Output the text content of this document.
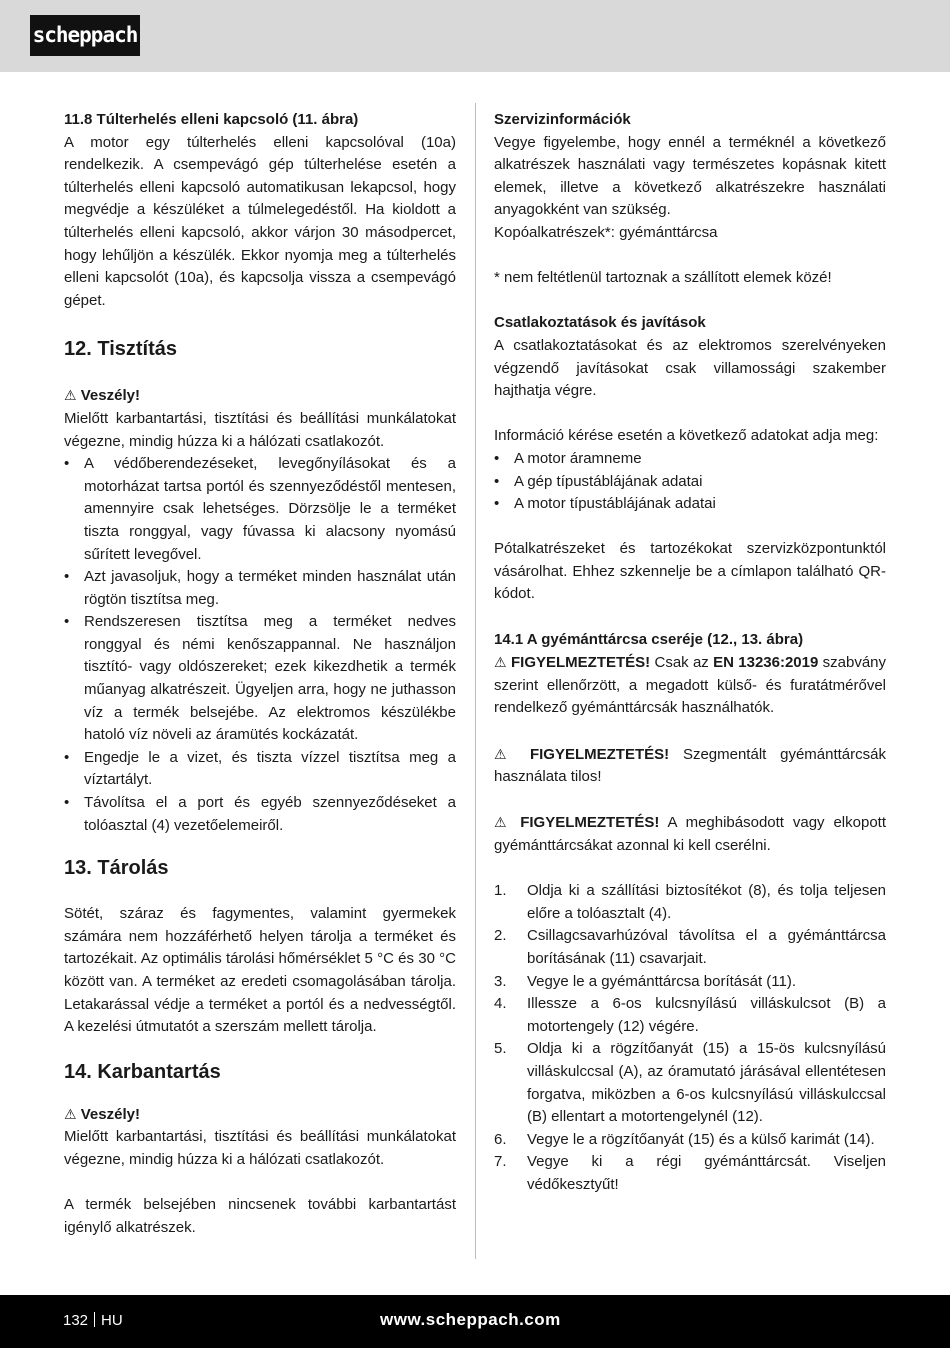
scheppach

11.8 Túlterhelés elleni kapcsoló (11. ábra)

A motor egy túlterhelés elleni kapcsolóval (10a) rendelkezik. A csempevágó gép túlterhelése esetén a túlterhelés elleni kapcsoló automatikusan lekapcsol, hogy megvédje a készüléket a túlmelegedéstől. Ha kioldott a túlterhelés elleni kapcsoló, akkor várjon 30 másodpercet, hogy lehűljön a készülék. Ekkor nyomja meg a túlterhelés elleni kapcsolót (10a), és kapcsolja vissza a csempevágó gépet.

12. Tisztítás

⚠ Veszély!

Mielőtt karbantartási, tisztítási és beállítási munkálatokat végezne, mindig húzza ki a hálózati csatlakozót.

• A védőberendezéseket, levegőnyílásokat és a motorházat tartsa portól és szennyeződéstől mentesen, amennyire csak lehetséges. Dörzsölje le a terméket tiszta ronggyal, vagy fúvassa ki alacsony nyomású sűrített levegővel.
• Azt javasoljuk, hogy a terméket minden használat után rögtön tisztítsa meg.
• Rendszeresen tisztítsa meg a terméket nedves ronggyal és némi kenőszappannal. Ne használjon tisztító- vagy oldószereket; ezek kikezdhetik a termék műanyag alkatrészeit. Ügyeljen arra, hogy ne juthasson víz a termék belsejébe. Az elektromos készülékbe hatoló víz növeli az áramütés kockázatát.
• Engedje le a vizet, és tiszta vízzel tisztítsa meg a víztartályt.
• Távolítsa el a port és egyéb szennyeződéseket a tolóasztal (4) vezetőelemeiről.
13. Tárolás

Sötét, száraz és fagymentes, valamint gyermekek számára nem hozzáférhető helyen tárolja a terméket és tartozékait. Az optimális tárolási hőmérséklet 5 °C és 30 °C között van. A terméket az eredeti csomagolásában tárolja. Letakarással védje a terméket a portól és a nedvességtől. A kezelési útmutatót a szerszám mellett tárolja.

14. Karbantartás

⚠ Veszély!

Mielőtt karbantartási, tisztítási és beállítási munkálatokat végezne, mindig húzza ki a hálózati csatlakozót.

A termék belsejében nincsenek további karbantartást igénylő alkatrészek.

Szervizinformációk

Vegye figyelembe, hogy ennél a terméknél a következő alkatrészek használati vagy természetes kopásnak kitett elemek, illetve a következő alkatrészekre használati anyagokként van szükség.

Kopóalkatrészek*: gyémánttárcsa

* nem feltétlenül tartoznak a szállított elemek közé!

Csatlakoztatások és javítások

A csatlakoztatásokat és az elektromos szerelvényeken végzendő javításokat csak villamossági szakember hajthatja végre.

Információ kérése esetén a következő adatokat adja meg:

• A motor áramneme
• A gép típustáblájának adatai
• A motor típustáblájának adatai

Pótalkatrészeket és tartozékokat szervizközpontunktól vásárolhat. Ehhez szkennelje be a címlapon található QR-kódot.

14.1 A gyémánttárcsa cseréje (12., 13. ábra)

⚠ FIGYELMEZTETÉS! Csak az EN 13236:2019 szabvány szerint ellenőrzött, a megadott külső- és furatátmérővel rendelkező gyémánttárcsák használhatók.

⚠ FIGYELMEZTETÉS! Szegmentált gyémánttárcsák használata tilos!

⚠ FIGYELMEZTETÉS! A meghibásodott vagy elkopott gyémánttárcsákat azonnal ki kell cserélni.

1. Oldja ki a szállítási biztosítékot (8), és tolja teljesen előre a tolóasztalt (4).
2. Csillagcsavarhúzóval távolítsa el a gyémánttárcsa borításának (11) csavarjait.
3. Vegye le a gyémánttárcsa borítását (11).
4. Illessze a 6-os kulcsnyílású villáskulcsot (B) a motortengely (12) végére.
5. Oldja ki a rögzítőanyát (15) a 15-ös kulcsnyílású villáskulccsal (A), az óramutató járásával ellentétesen forgatva, miközben a 6-os kulcsnyílású villáskulccsal (B) ellentart a motortengelynél (12).
6. Vegye le a rögzítőanyát (15) és a külső karimát (14).
7. Vegye ki a régi gyémánttárcsát. Viseljen védőkesztyűt!
132 HU	www.scheppach.com
